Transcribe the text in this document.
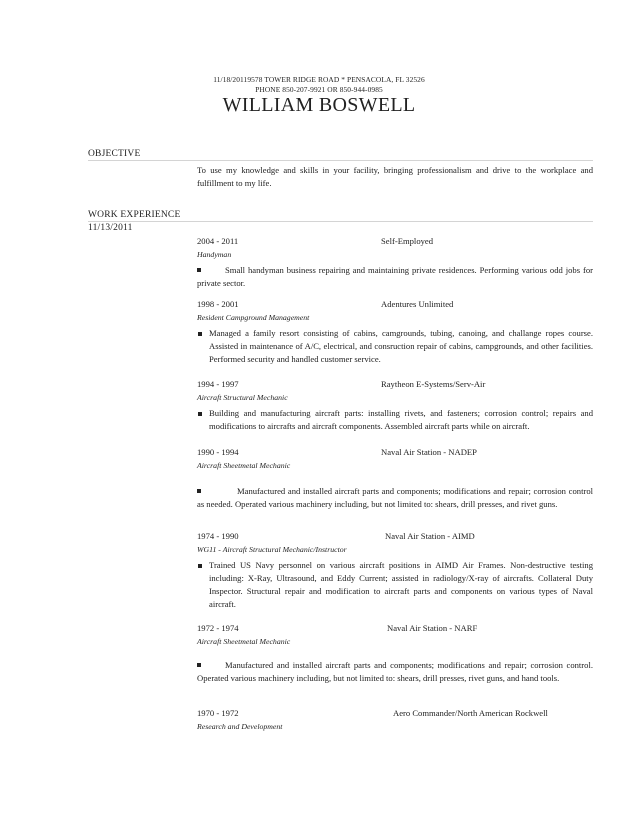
11/18/20119578 TOWER RIDGE ROAD * PENSACOLA, FL 32526
PHONE 850-207-9921 OR 850-944-0985
WILLIAM BOSWELL
OBJECTIVE
To use my knowledge and skills in your facility, bringing professionalism and drive to the workplace and fulfillment to my life.
WORK EXPERIENCE
11/13/2011
2004 - 2011	Self-Employed
Handyman
Small handyman business repairing and maintaining private residences. Performing various odd jobs for private sector.
1998 - 2001	Adentures Unlimited
Resident Campground Management
Managed a family resort consisting of cabins, camgrounds, tubing, canoing, and challange ropes course. Assisted in maintenance of A/C, electrical, and consruction repair of cabins, campgrounds, and other facilities. Performed security and handled customer service.
1994 - 1997	Raytheon E-Systems/Serv-Air
Aircraft Structural Mechanic
Building and manufacturing aircraft parts: installing rivets, and fasteners; corrosion control; repairs and modifications to aircrafts and aircraft components. Assembled aircraft parts while on aircraft.
1990 - 1994	Naval Air Station - NADEP
Aircraft Sheetmetal Mechanic
Manufactured and installed aircraft parts and components; modifications and repair; corrosion control as needed. Operated various machinery including, but not limited to: shears, drill presses, and rivet guns.
1974 - 1990	Naval Air Station - AIMD
WG11 - Aircraft Structural Mechanic/Instructor
Trained US Navy personnel on various aircraft positions in AIMD Air Frames. Non-destructive testing including: X-Ray, Ultrasound, and Eddy Current; assisted in radiology/X-ray of aircrafts. Collateral Duty Inspector. Structural repair and modification to aircraft parts and components on various types of Naval aircraft.
1972 - 1974	Naval Air Station - NARF
Aircraft Sheetmetal Mechanic
Manufactured and installed aircraft parts and components; modifications and repair; corrosion control. Operated various machinery including, but not limited to: shears, drill presses, rivet guns, and hand tools.
1970 - 1972	Aero Commander/North American Rockwell
Research and Development
